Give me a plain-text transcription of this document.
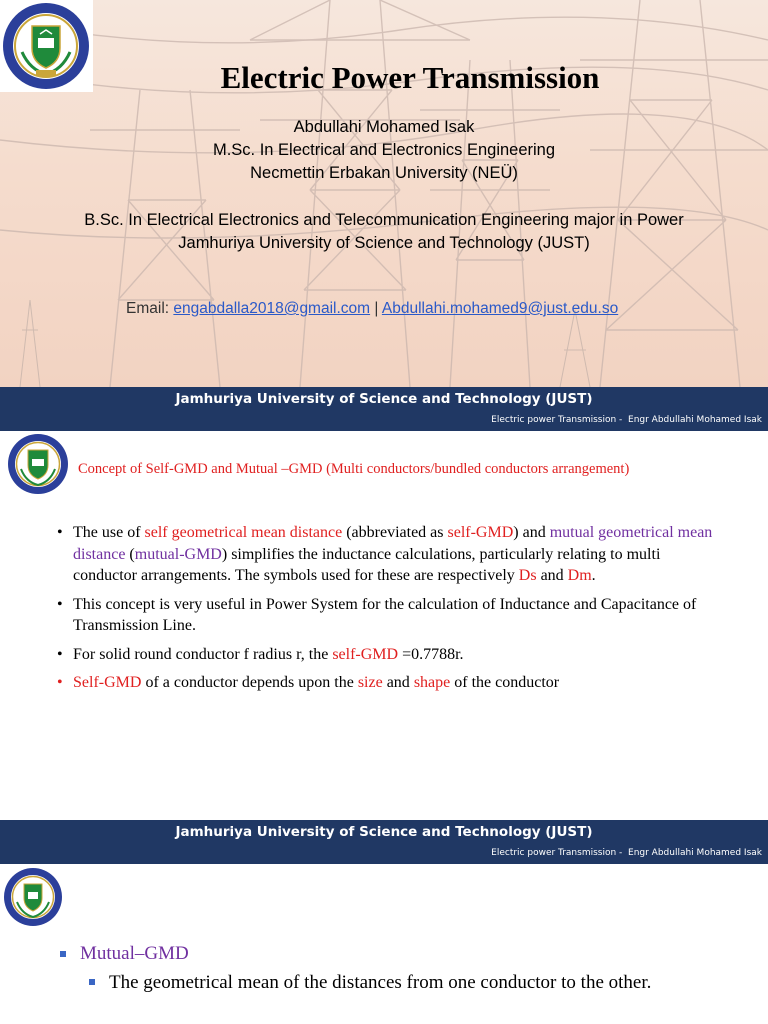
Electric Power Transmission
Abdullahi Mohamed Isak
M.Sc. In Electrical and Electronics Engineering
Necmettin Erbakan University (NEÜ)
B.Sc. In Electrical Electronics and Telecommunication Engineering major in Power
Jamhuriya University of Science and Technology (JUST)
Email: engabdalla2018@gmail.com | Abdullahi.mohamed9@just.edu.so
Jamhuriya University of Science and Technology (JUST)
Electric power Transmission -  Engr Abdullahi Mohamed Isak
Concept of Self-GMD and Mutual –GMD (Multi conductors/bundled conductors arrangement)
• The use of self geometrical mean distance (abbreviated as self-GMD) and mutual geometrical mean distance (mutual-GMD) simplifies the inductance calculations, particularly relating to multi conductor arrangements. The symbols used for these are respectively Ds and Dm.
• This concept is very useful in Power System for the calculation of Inductance and Capacitance of Transmission Line.
• For solid round conductor f radius r, the self-GMD =0.7788r.
• Self-GMD of a conductor depends upon the size and shape of the conductor
Jamhuriya University of Science and Technology (JUST)
Electric power Transmission -  Engr Abdullahi Mohamed Isak
Mutual–GMD
The geometrical mean of the distances from one conductor to the other.
